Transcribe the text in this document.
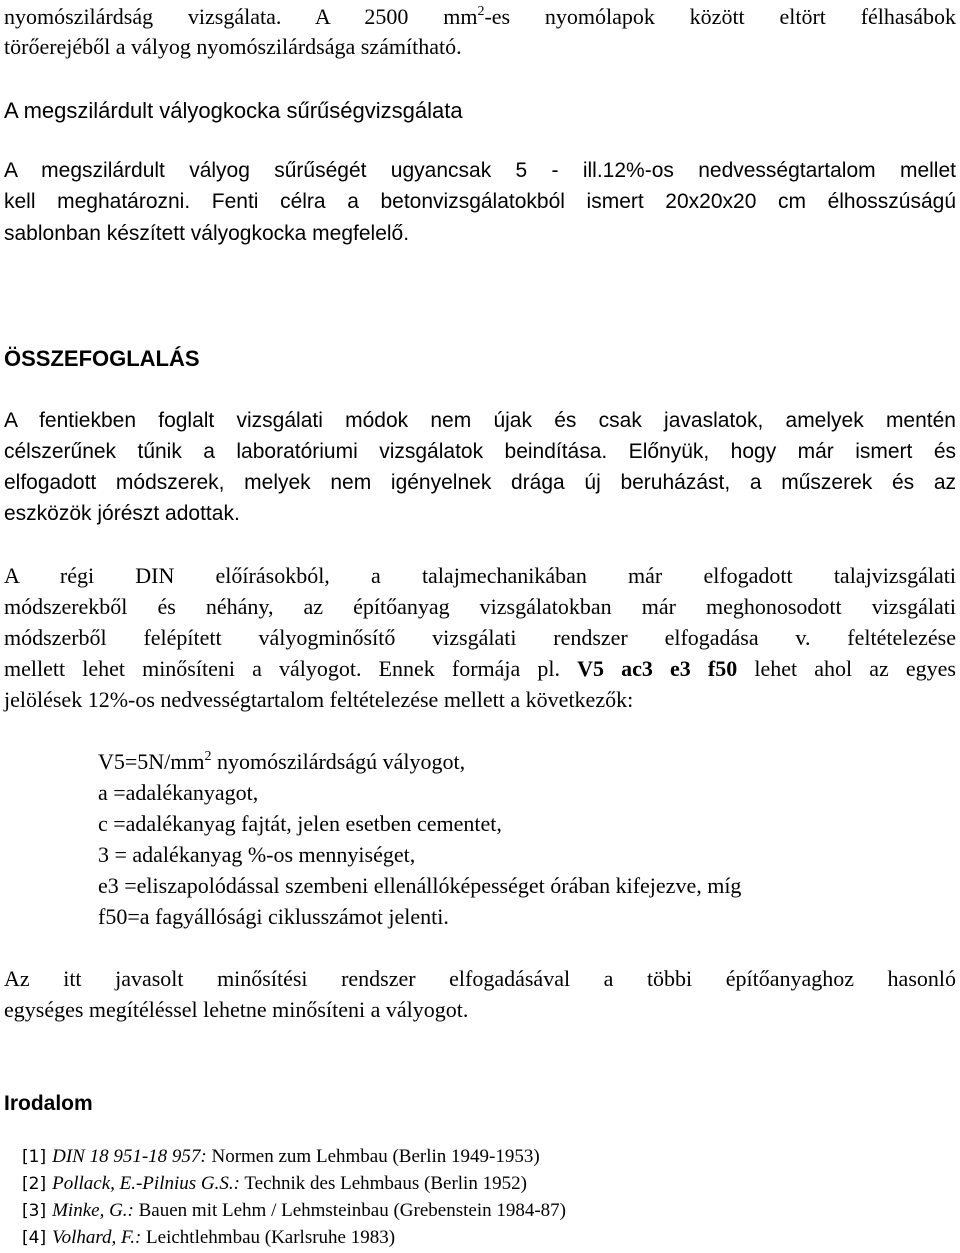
nyomószilárdság vizsgálata. A 2500 $mm^2-es$ nyomólapok között eltört félhasábok

törőerejéből a vályog nyomószilárdsága számítható.

A megszilárdult vályogkocka sűrűségvizsgálata

A megszilárdult vályog sűrűségét ugyancsak 5 - ill.12%-os nedvességtartalom mellet

kell meghatározni. Fenti célra a betonvizsgálatokból ismert 20x20x20 cm élhosszúságú

sablonban készített vályogkocka megfelelő.

ÖSSZEFOGLALÁS

A fentiekben foglalt vizsgálati módok nem újak és csak javaslatok, amelyek mentén

célszerűnek tűnik a laboratóriumi vizsgálatok beindítása. Előnyük, hogy már ismert és

elfogadott módszerek, melyek nem igényelnek drága új beruházást, a műszerek és az

eszközök jórészt adottak.

A régi DIN előírásokból, a talajmechanikában már elfogadott talajvizsgálati

módszerekből és néhány, az építőanyag vizsgálatokban már meghonosodott vizsgálati

módszerből felépített vályogminősítő vizsgálati rendszer elfogadása v. feltételezése

mellett lehet minősíteni a vályogot. Ennek formája pl. V5 ac3 e3 f50 lehet ahol az egyes

jelölések 12%-os nedvességtartalom feltételezése mellett a következők:

$V5=5N/mm^2$ nyomószilárdságú vályogot,

a =adalékanyagot,

c =adalékanyag fajtát, jelen esetben cementet,

3 = adalékanyag %-os mennyiséget,

e3 =eliszapolódással szembeni ellenállóképességet órában kifejezve, míg

f50=a fagyállósági ciklusszámot jelenti.

Az itt javasolt minősítési rendszer elfogadásával a többi építőanyaghoz hasonló

egységes megítéléssel lehetne minősíteni a vályogot.

Irodalom

[1] DIN 18 951-18 957: Normen zum Lehmbau (Berlin 1949-1953)

[2] Pollack, E.-Pilnius G.S.: Technik des Lehmbaus (Berlin 1952)

[3] Minke, G.: Bauen mit Lehm / Lehmsteinbau (Grebenstein 1984-87)

[4] Volhard, F.: Leichtlehmbau (Karlsruhe 1983)
